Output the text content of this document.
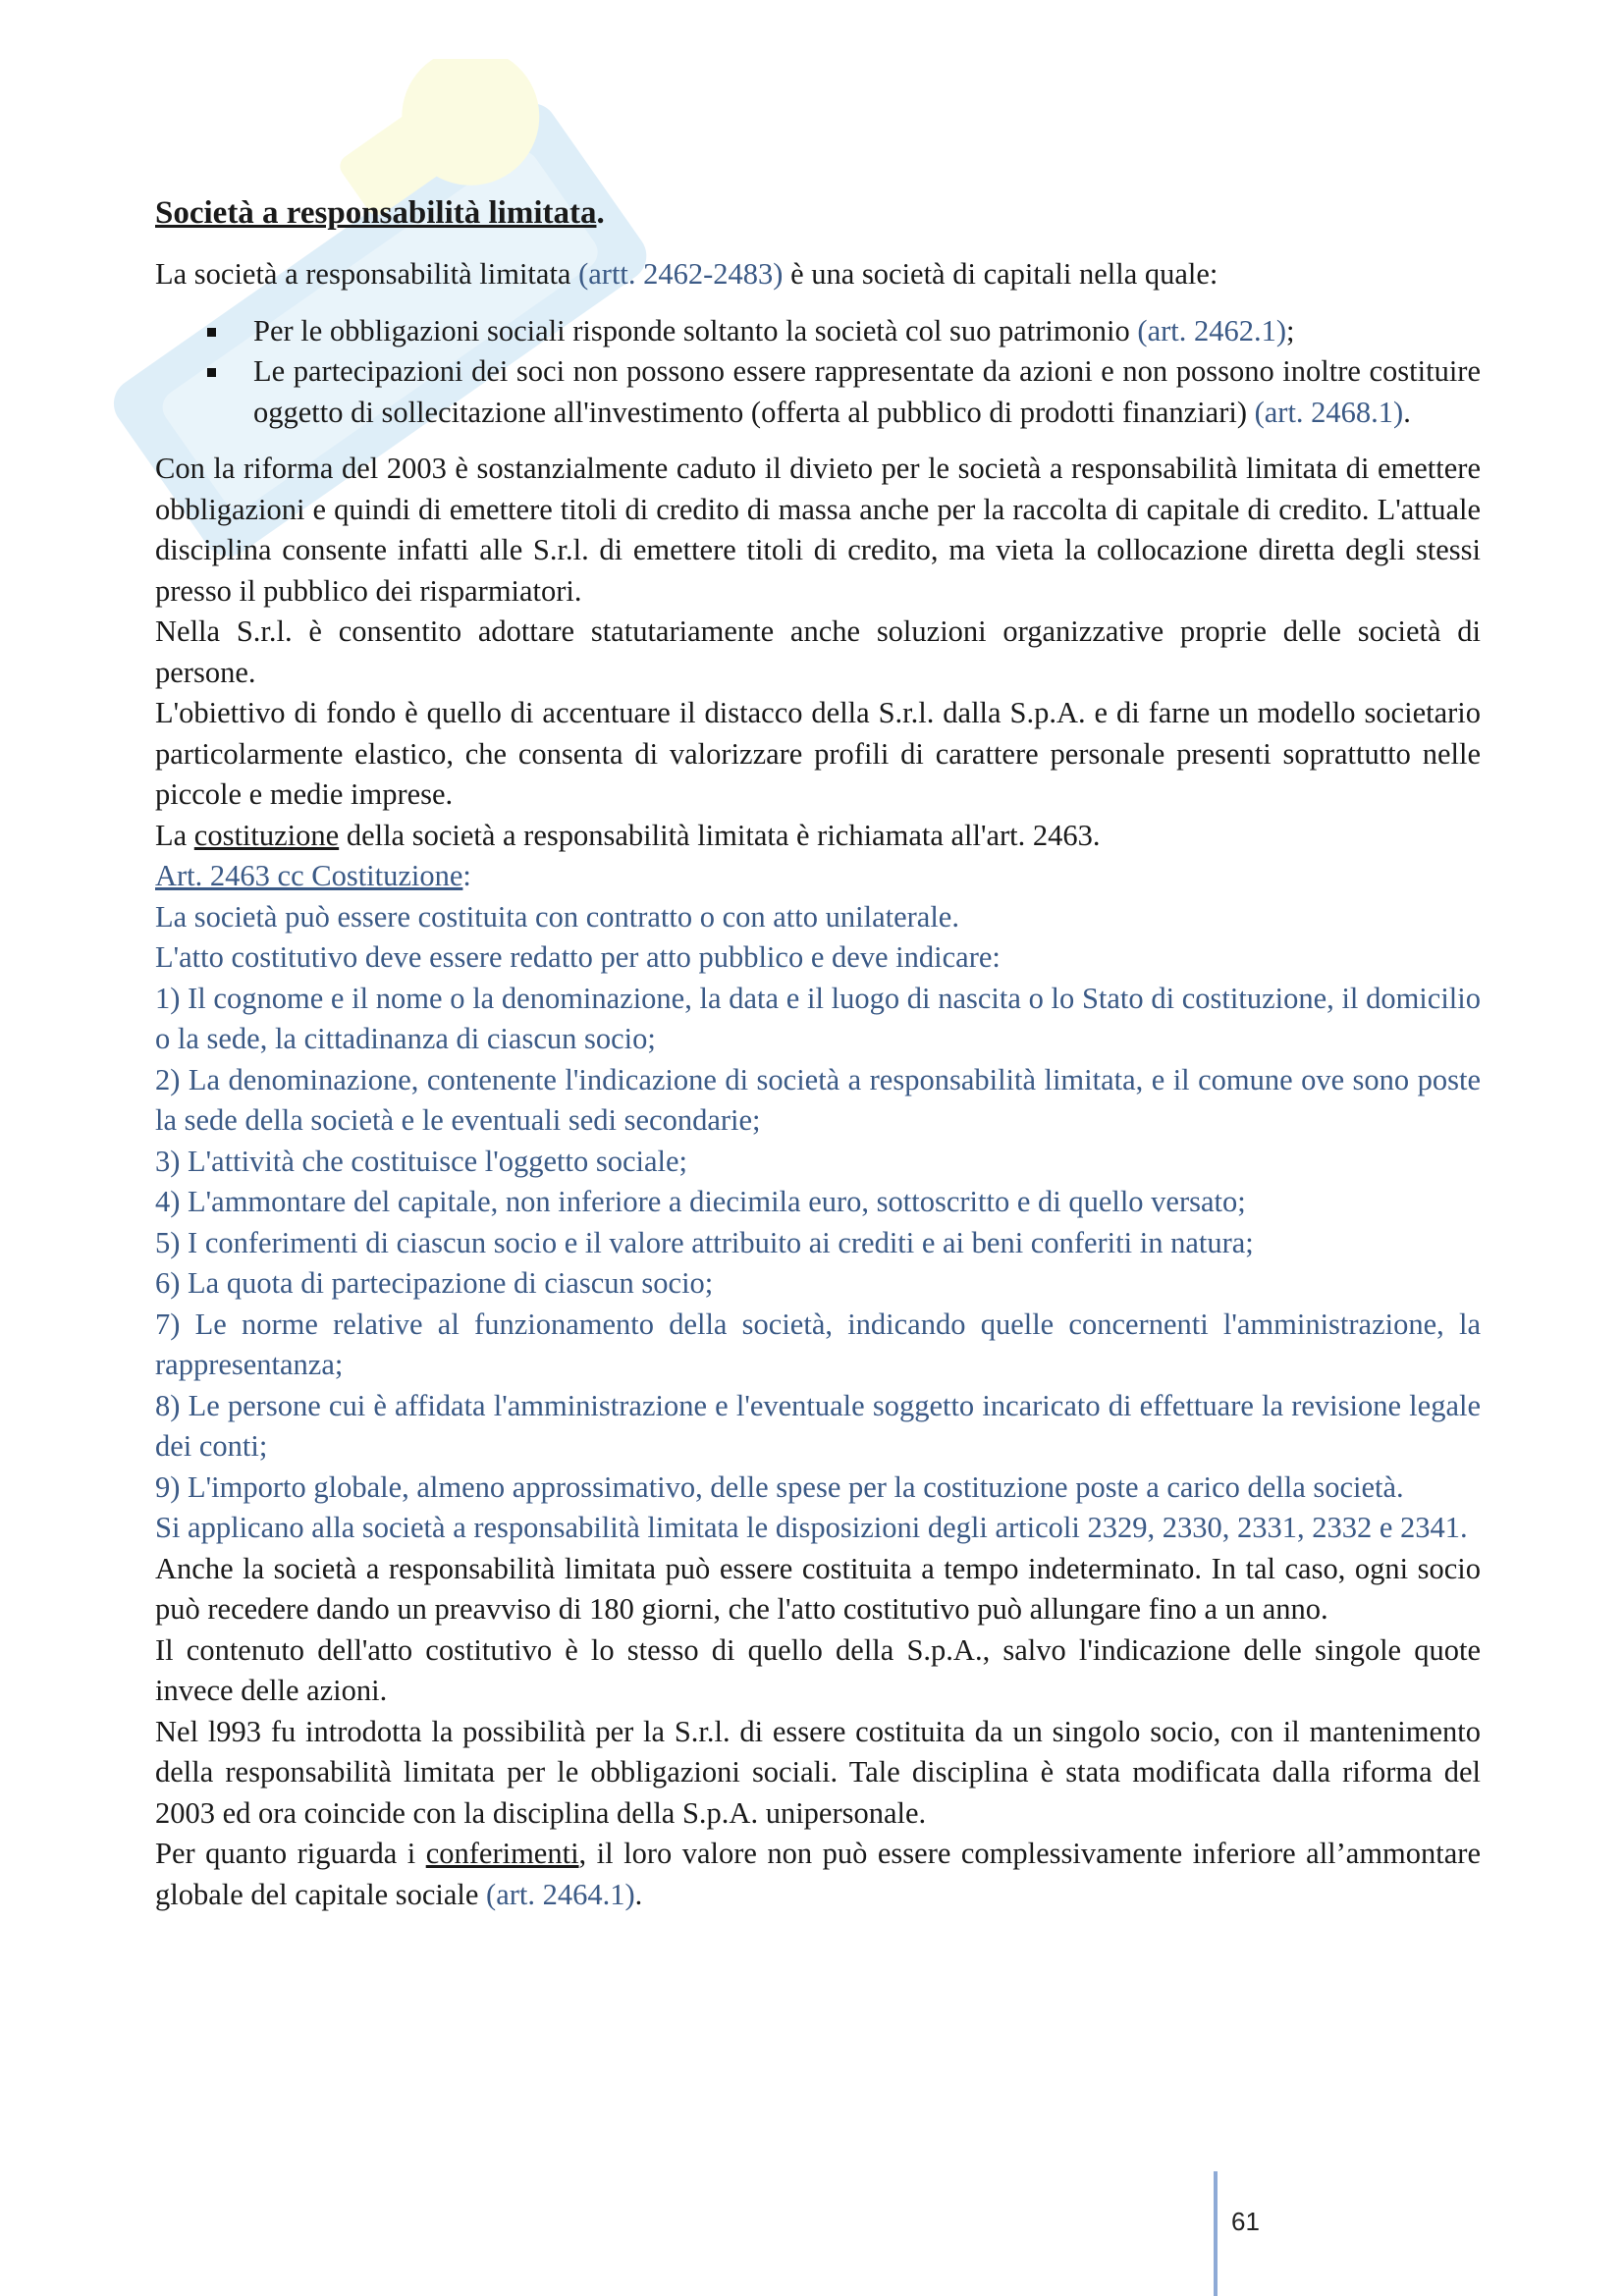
Società a responsabilità limitata.

La società a responsabilità limitata (artt. 2462-2483) è una società di capitali nella quale:

Per le obbligazioni sociali risponde soltanto la società col suo patrimonio (art. 2462.1);
Le partecipazioni dei soci non possono essere rappresentate da azioni e non possono inoltre costituire oggetto di sollecitazione all'investimento (offerta al pubblico di prodotti finanziari) (art. 2468.1).

Con la riforma del 2003 è sostanzialmente caduto il divieto per le società a responsabilità limitata di emettere obbligazioni e quindi di emettere titoli di credito di massa anche per la raccolta di capitale di credito. L'attuale disciplina consente infatti alle S.r.l. di emettere titoli di credito, ma vieta la collocazione diretta degli stessi presso il pubblico dei risparmiatori.

Nella S.r.l. è consentito adottare statutariamente anche soluzioni organizzative proprie delle società di persone.

L'obiettivo di fondo è quello di accentuare il distacco della S.r.l. dalla S.p.A. e di farne un modello societario particolarmente elastico, che consenta di valorizzare profili di carattere personale presenti soprattutto nelle piccole e medie imprese.

La costituzione della società a responsabilità limitata è richiamata all'art. 2463.

Art. 2463 cc Costituzione:

La società può essere costituita con contratto o con atto unilaterale.

L'atto costitutivo deve essere redatto per atto pubblico e deve indicare:

1) Il cognome e il nome o la denominazione, la data e il luogo di nascita o lo Stato di costituzione, il domicilio o la sede, la cittadinanza di ciascun socio;

2) La denominazione, contenente l'indicazione di società a responsabilità limitata, e il comune ove sono poste la sede della società e le eventuali sedi secondarie;

3) L'attività che costituisce l'oggetto sociale;

4) L'ammontare del capitale, non inferiore a diecimila euro, sottoscritto e di quello versato;

5) I conferimenti di ciascun socio e il valore attribuito ai crediti e ai beni conferiti in natura;

6) La quota di partecipazione di ciascun socio;

7) Le norme relative al funzionamento della società, indicando quelle concernenti l'amministrazione, la rappresentanza;

8) Le persone cui è affidata l'amministrazione e l'eventuale soggetto incaricato di effettuare la revisione legale dei conti;

9) L'importo globale, almeno approssimativo, delle spese per la costituzione poste a carico della società.

Si applicano alla società a responsabilità limitata le disposizioni degli articoli 2329, 2330, 2331, 2332 e 2341.

Anche la società a responsabilità limitata può essere costituita a tempo indeterminato. In tal caso, ogni socio può recedere dando un preavviso di 180 giorni, che l'atto costitutivo può allungare fino a un anno.

Il contenuto dell'atto costitutivo è lo stesso di quello della S.p.A., salvo l'indicazione delle singole quote invece delle azioni.

Nel l993 fu introdotta la possibilità per la S.r.l. di essere costituita da un singolo socio, con il mantenimento della responsabilità limitata per le obbligazioni sociali. Tale disciplina è stata modificata dalla riforma del 2003 ed ora coincide con la disciplina della S.p.A. unipersonale.

Per quanto riguarda i conferimenti, il loro valore non può essere complessivamente inferiore all’ammontare globale del capitale sociale (art. 2464.1).

61
